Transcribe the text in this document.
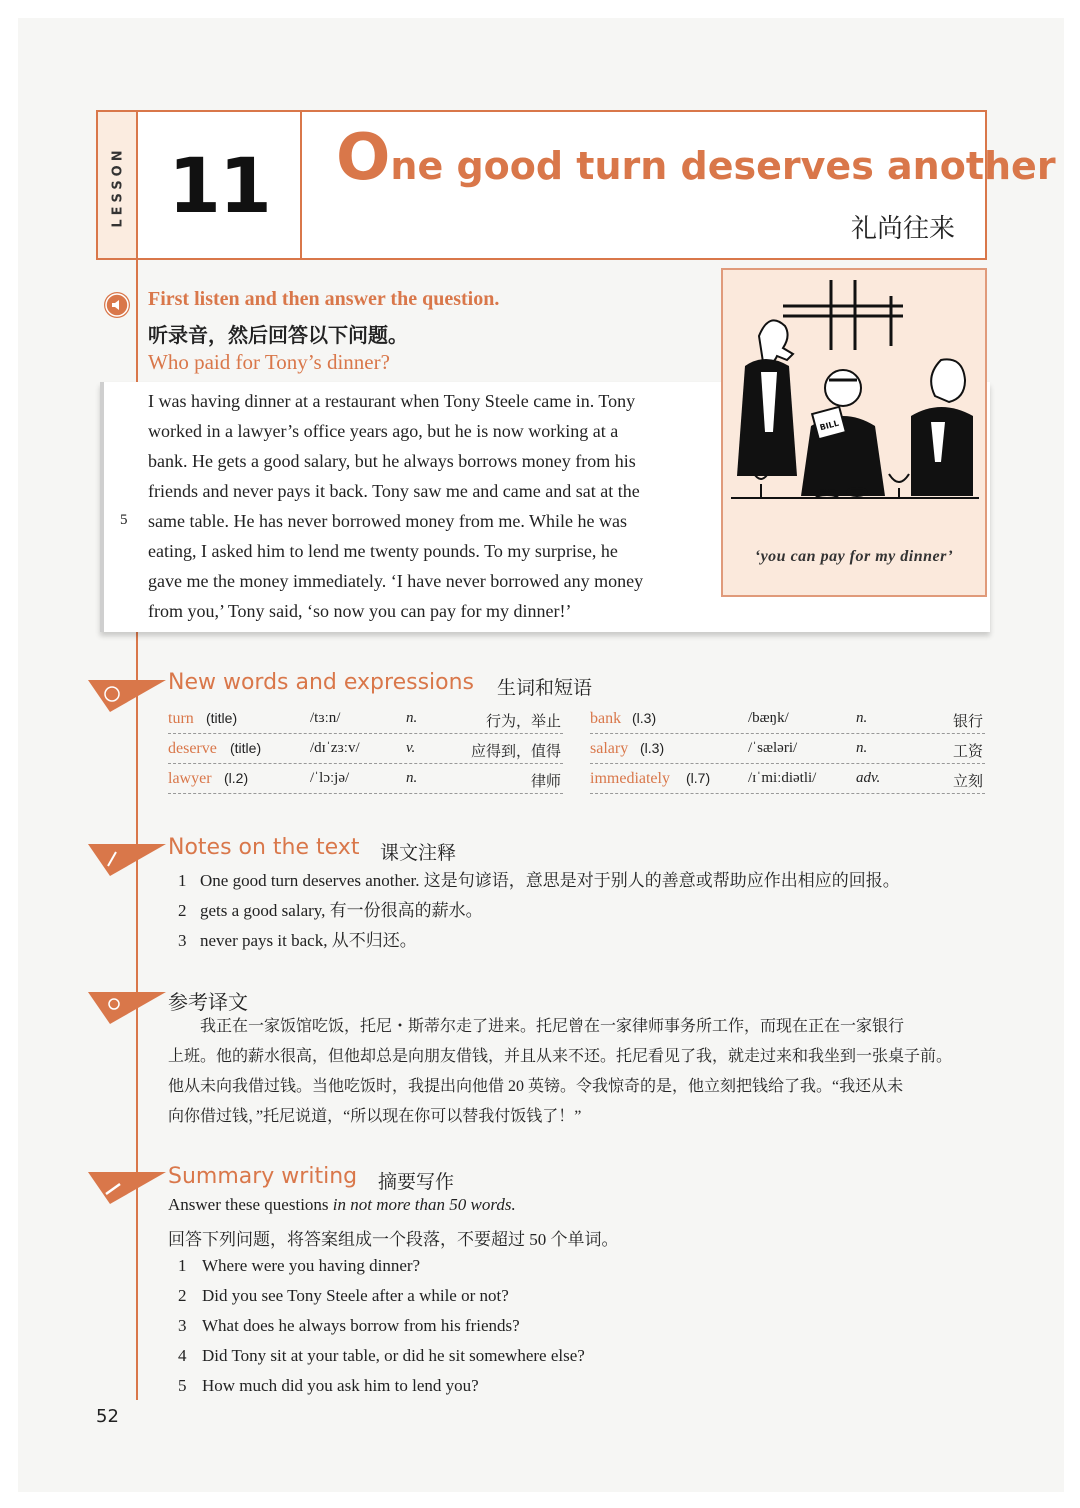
LESSON 11	One good turn deserves another
礼尚往来
First listen and then answer the question.
听录音，然后回答以下问题。
Who paid for Tony’s dinner?

I was having dinner at a restaurant when Tony Steele came in. Tony

worked in a lawyer’s office years ago, but he is now working at a

bank. He gets a good salary, but he always borrows money from his

friends and never pays it back. Tony saw me and came and sat at the

same table. He has never borrowed money from me. While he was

eating, I asked him to lend me twenty pounds. To my surprise, he

gave me the money immediately. ‘I have never borrowed any money

from you,’ Tony said, ‘so now you can pay for my dinner!’

5
BILL
‘you can pay for my dinner’
New words and expressions 生词和短语
turn (title)	/tɜːn/	n.	行为，举止
deserve (title)	/dɪˈzɜːv/	v.	应得到，值得
lawyer (l.2)	/ˈlɔːjə/	n.	律师
bank (l.3)	/bæŋk/	n.	银行
salary (l.3)	/ˈsæləri/	n.	工资
immediately (l.7)	/ɪˈmiːdiətli/	adv.	立刻
Notes on the text 课文注释
1 One good turn deserves another. 这是句谚语，意思是对于别人的善意或帮助应作出相应的回报。
2 gets a good salary, 有一份很高的薪水。
3 never pays it back, 从不归还。
参考译文

　　我正在一家饭馆吃饭，托尼・斯蒂尔走了进来。托尼曾在一家律师事务所工作，而现在正在一家银行

上班。他的薪水很高，但他却总是向朋友借钱，并且从来不还。托尼看见了我，就走过来和我坐到一张桌子前。

他从未向我借过钱。当他吃饭时，我提出向他借 20 英镑。令我惊奇的是，他立刻把钱给了我。“我还从未

向你借过钱，”托尼说道，“所以现在你可以替我付饭钱了！”

Summary writing 摘要写作
Answer these questions in not more than 50 words.
回答下列问题，将答案组成一个段落，不要超过 50 个单词。
1 Where were you having dinner?
2 Did you see Tony Steele after a while or not?
3 What does he always borrow from his friends?
4 Did Tony sit at your table, or did he sit somewhere else?
5 How much did you ask him to lend you?
52
